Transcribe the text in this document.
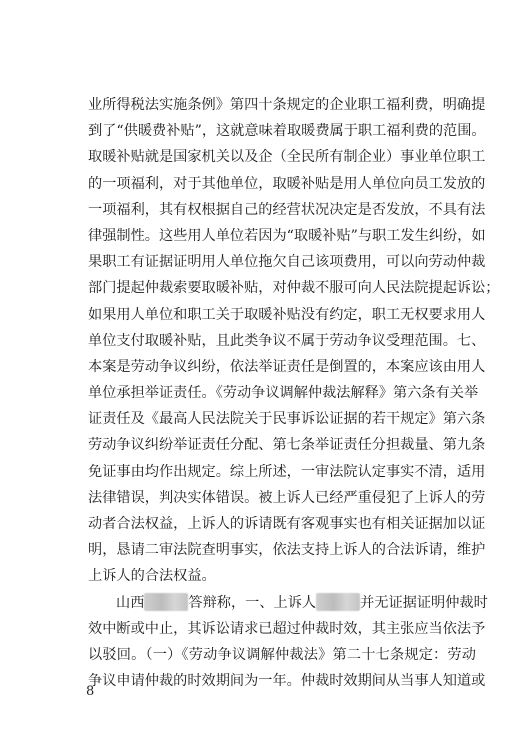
业所得税法实施条例》第四十条规定的企业职工福利费，明确提
到了“供暖费补贴”，这就意味着取暖费属于职工福利费的范围。
取暖补贴就是国家机关以及企（全民所有制企业）事业单位职工
的一项福利，对于其他单位，取暖补贴是用人单位向员工发放的
一项福利，其有权根据自己的经营状况决定是否发放，不具有法
律强制性。这些用人单位若因为“取暖补贴”与职工发生纠纷，如
果职工有证据证明用人单位拖欠自己该项费用，可以向劳动仲裁
部门提起仲裁索要取暖补贴，对仲裁不服可向人民法院提起诉讼；
如果用人单位和职工关于取暖补贴没有约定，职工无权要求用人
单位支付取暖补贴，且此类争议不属于劳动争议受理范围。七、
本案是劳动争议纠纷，依法举证责任是倒置的，本案应该由用人
单位承担举证责任。《劳动争议调解仲裁法解释》第六条有关举
证责任及《最高人民法院关于民事诉讼证据的若干规定》第六条
劳动争议纠纷举证责任分配、第七条举证责任分担裁量、第九条
免证事由均作出规定。综上所述，一审法院认定事实不清，适用
法律错误，判决实体错误。被上诉人已经严重侵犯了上诉人的劳
动者合法权益，上诉人的诉请既有客观事实也有相关证据加以证
明，恳请二审法院查明事实，依法支持上诉人的合法诉请，维护
上诉人的合法权益。
山西	答辩称，一、上诉人	并无证据证明仲裁时
效中断或中止，其诉讼请求已超过仲裁时效，其主张应当依法予
以驳回。（一）《劳动争议调解仲裁法》第二十七条规定：劳动
争议申请仲裁的时效期间为一年。仲裁时效期间从当事人知道或
8
